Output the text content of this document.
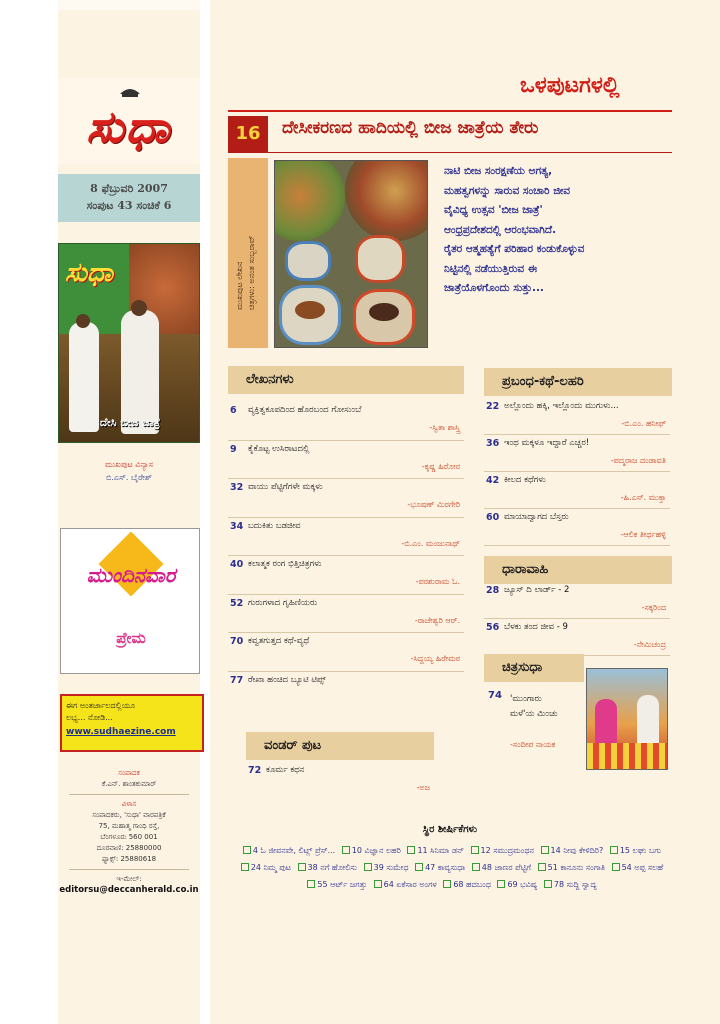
ಸುಧಾ
8 ಫೆಬ್ರುವರಿ 2007
ಸಂಪುಟ 43 ಸಂಚಿಕೆ 6
ಸುಧಾ
ದೇಸಿ ಬೀಜ ಜಾತ್ರೆ
ಮುಖಪುಟ ವಿನ್ಯಾಸ
ಬಿ.ಎಸ್. ಬೈರೇಶ್
ಮುಂದಿನವಾರ
ಪ್ರೇಮ
ಈಗ ಅಂತರ್ಜಾಲದಲ್ಲಿಯೂ
ಲಭ್ಯ... ನೋಡಿ...
www.sudhaezine.com
ಸಂಪಾದಕ
ಕೆ.ಎನ್. ಶಾಂತಕುಮಾರ್
ವಿಳಾಸ
ಸಂಪಾದಕರು, 'ಸುಧಾ' ವಾರಪತ್ರಿಕೆ
75, ಮಹಾತ್ಮ ಗಾಂಧಿ ರಸ್ತೆ,
ಬೆಂಗಳೂರು 560 001
ದೂರವಾಣಿ: 25880000
ಫ್ಯಾಕ್ಸ್: 25880618
ಇ-ಮೇಲ್:
editorsu@deccanherald.co.in
ಒಳಪುಟಗಳಲ್ಲಿ
16	ದೇಸೀಕರಣದ ಹಾದಿಯಲ್ಲಿ ಬೀಜ ಜಾತ್ರೆಯ ತೇರು
ಮುಖಪುಟ ಲೇಖನ ಚಿತ್ರಗಳು: ಅನಂತ ಸುಬ್ಬರಾವ್
ನಾಟಿ ಬೀಜ ಸಂರಕ್ಷಣೆಯ ಅಗತ್ಯ,
ಮಹತ್ವಗಳನ್ನು ಸಾರುವ ಸಂಚಾರಿ ಜೀವ
ವೈವಿಧ್ಯ ಉತ್ಸವ 'ಬೀಜ ಜಾತ್ರೆ'
ಆಂಧ್ರಪ್ರದೇಶದಲ್ಲಿ ಆರಂಭವಾಗಿದೆ.
ರೈತರ ಆತ್ಮಹತ್ಯೆಗೆ ಪರಿಹಾರ ಕಂಡುಕೊಳ್ಳುವ
ನಿಟ್ಟಿನಲ್ಲಿ ನಡೆಯುತ್ತಿರುವ ಈ
ಜಾತ್ರೆಯೊಳಗೊಂದು ಸುತ್ತು...
ಲೇಖನಗಳು
6 ವ್ಯಕ್ತಿತ್ವಕೂಪದಿಂದ ಹೊರಬಂದ ಗೋಸುಂಬೆ
-ಸ್ವಿತಾ ಶಾಸ್ತ್ರಿ
9 ಕೈಕೊಟ್ಟ ಉಸಿರಾಟದಲ್ಲಿ
-ಕೃಷ್ಣ ಹಿರೋರ
32 ವಾಯು ಪೆಟ್ಟಿಗೆಗಳೇ ಮಕ್ಕಳು
-ಭೂಷಣ್ ಮಿರಗೇರಿ
34 ಬದುಕಿತು ಬಡಜೀವ
-ಬಿ.ಎಂ. ಮಂಜುನಾಥ್
40 ಕಲಾತ್ಮಕ ರಂಗ ಭಿತ್ತಿಚಿತ್ರಗಳು
-ಪರಶುರಾಮ ಓ.
52 ಗುರುಗಳಾದ ಗೃಹಿಣಿಯರು
-ರಾಜೇಶ್ವರಿ ಆರ್.
70 ಕವ್ವತಗುತ್ತದ ಕಥೆ-ವ್ಯಥೆ
-ಸಿದ್ದಯ್ಯ ಹಿರೇಮಠ
77 ರೇಖಾ ಹಂಚಿದ ಬ್ಯೂಟಿ ಟಿಪ್ಸ್
ಪ್ರಬಂಧ-ಕಥೆ-ಲಹರಿ
22 ಅಲ್ಲೊಂದು ಹಕ್ಕಿ, ಇಲ್ಲೊಂದು ಮುಗುಳು...
-ಬಿ.ಎಂ. ಹನೀಫ್
36 ಇಂಥ ಮಕ್ಕಳೂ ಇದ್ದಾರೆ ಎಚ್ಚರ!
-ಪದ್ಮರಾಜ ದಂಡಾವತಿ
42 ಕೀಲದ ಕಥೆಗಳು
-ಹಿ.ಎಸ್. ಮುಕ್ತಾ
60 ಮಾಯಾದ್ವಾಗದ ಬೆಸ್ತರು
-ಆಲಿಕ ತೀರ್ಥಹಳ್ಳಿ
ಧಾರಾವಾಹಿ
28 ಜ್ಯೂಸ್ ದಿ ಲಾರ್ಡ್ - 2
-ಸಕ್ಕರಿಂದ
56 ಬೆಳಕು ತಂದ ಜೀವ - 9
-ನೇಮಿಚಂದ್ರ
ಚಿತ್ರಸುಧಾ
74 'ಮುಂಗಾರು
ಮಳೆ'ಯ ಮಿಂಚು
-ಸಂದೀಪ ನಾಯಕ
ವಂಡರ್ ಪುಟ
72 ಕೂರ್ಮ ಕಥನ
-ಅಜ
ಸ್ಥಿರ ಶೀರ್ಷಿಕೆಗಳು
4 ಓ ಜೀವನವೇ, ಲಿಟ್ಲ್ ಪ್ರೆಸ್... 10 ವಿಜ್ಞಾನ ಲಹರಿ 11 ಸಿನಿಮಾ ಡನ್ 12 ಸಮುದ್ರಮಂಥನ 14 ನೀವು ಕೇಳಿದಿರಿ? 15 ಲಘು ಬಗು 24 ನಿಮ್ಮ ಪುಟ 38 ನಗೆ ಹೋಲಿಸು 39 ಸುಮೇಧ 47 ಕಾವ್ಯಸುಧಾ 48 ಜಾಣರ ಪೆಟ್ಟಿಗೆ 51 ಕಾನೂನು ಸಂಗಾತಿ 54 ಅಪ್ಪ ಸಲಹೆ 55 ಆರ್ಟ್ ಜಗತ್ತು 64 ಏಕೆಸಾರ ಅಂಗಳ 68 ಹದಬಂಧ 69 ಭವಿಷ್ಯ 78 ಸುದ್ದಿ ಸ್ವಾದ್ಯ
